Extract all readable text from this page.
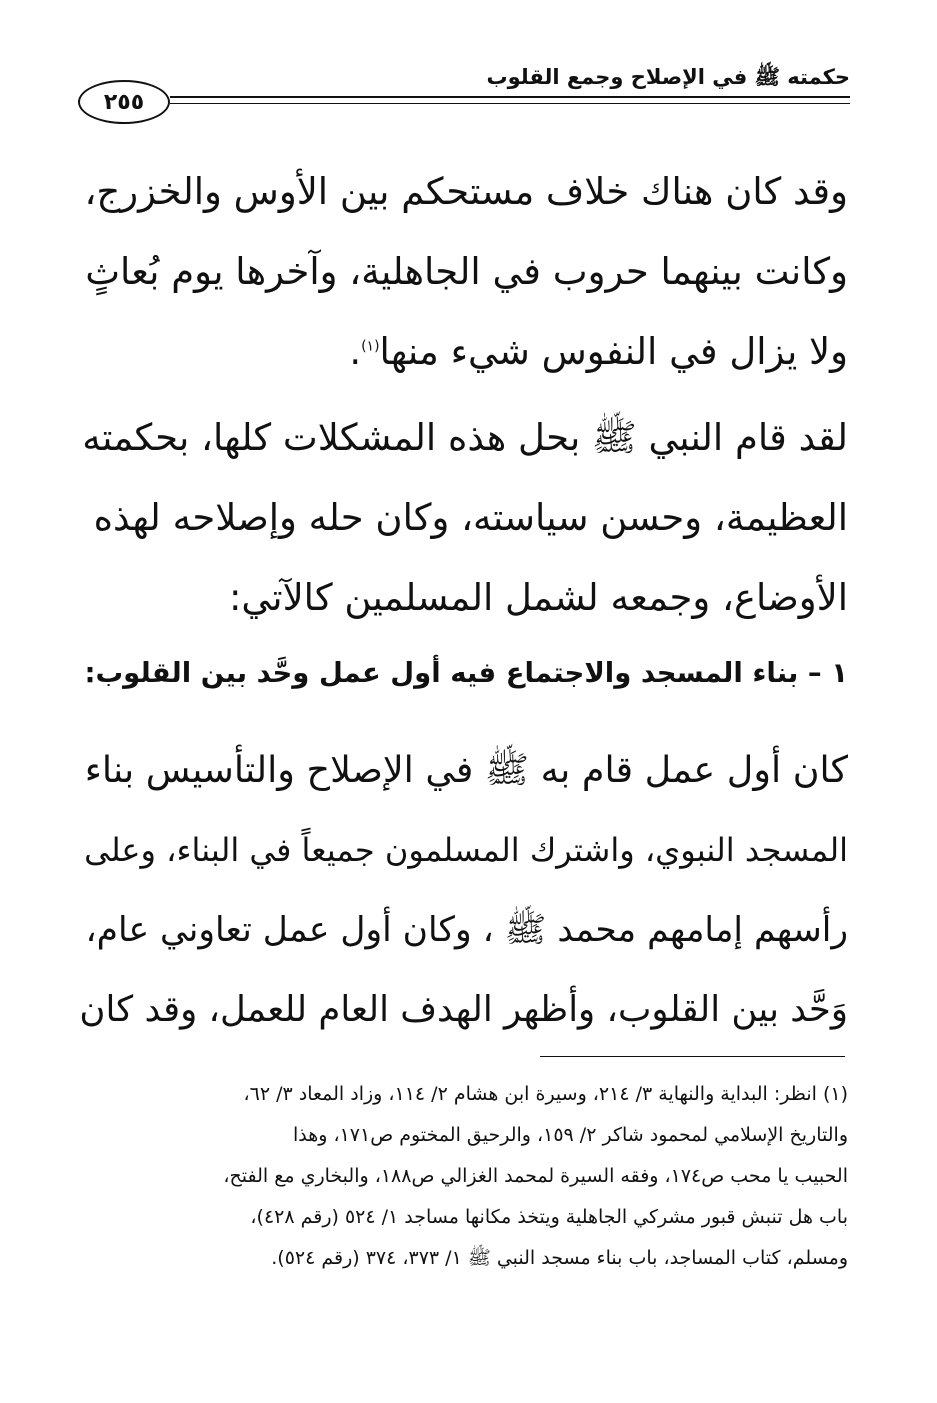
٢٥٥
حكمته ﷺ في الإصلاح وجمع القلوب
وقد كان هناك خلاف مستحكم بين الأوس والخزرج،
وكانت بينهما حروب في الجاهلية، وآخرها يوم بُعاثٍ
ولا يزال في النفوس شيء منها$^{(١)}$.
لقد قام النبي ﷺ بحل هذه المشكلات كلها، بحكمته
العظيمة، وحسن سياسته، وكان حله وإصلاحه لهذه
الأوضاع، وجمعه لشمل المسلمين كالآتي:
١ – بناء المسجد والاجتماع فيه أول عمل وحَّد بين القلوب:
كان أول عمل قام به ﷺ في الإصلاح والتأسيس بناء
المسجد النبوي، واشترك المسلمون جميعاً في البناء، وعلى
رأسهم إمامهم محمد ﷺ ، وكان أول عمل تعاوني عام،
وَحَّد بين القلوب، وأظهر الهدف العام للعمل، وقد كان
(١) انظر: البداية والنهاية ٣/ ٢١٤، وسيرة ابن هشام ٢/ ١١٤، وزاد المعاد ٣/ ٦٢،
والتاريخ الإسلامي لمحمود شاكر ٢/ ١٥٩، والرحيق المختوم ص١٧١، وهذا
الحبيب يا محب ص١٧٤، وفقه السيرة لمحمد الغزالي ص١٨٨، والبخاري مع الفتح،
باب هل تنبش قبور مشركي الجاهلية ويتخذ مكانها مساجد ١/ ٥٢٤ (رقم ٤٢٨)،
ومسلم، كتاب المساجد، باب بناء مسجد النبي ﷺ ١/ ٣٧٣، ٣٧٤ (رقم ٥٢٤).
